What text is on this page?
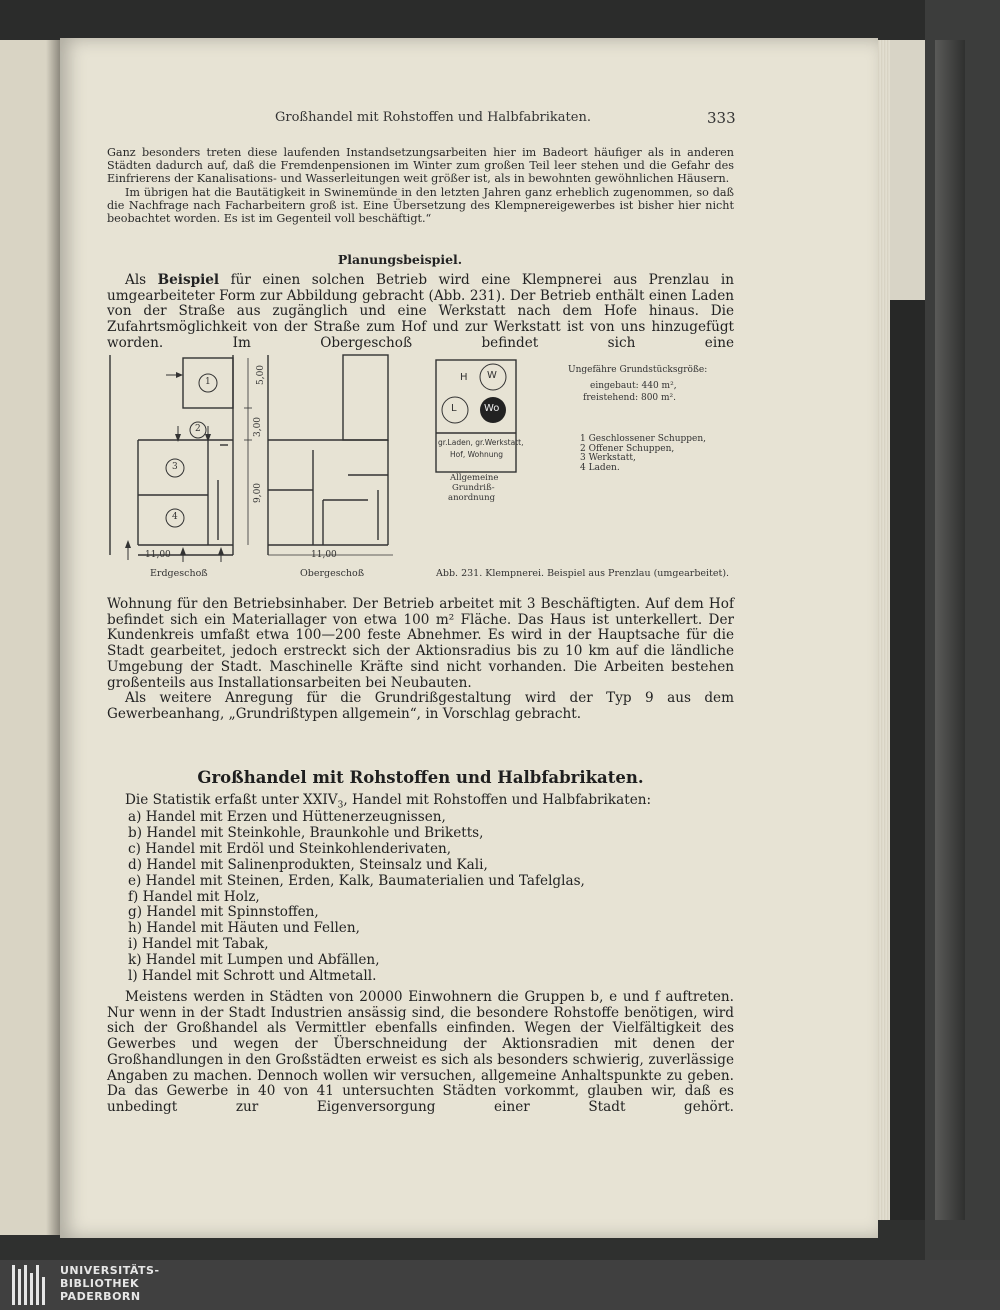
Großhandel mit Rohstoffen und Halbfabrikaten.	333

Ganz besonders treten diese laufenden Instandsetzungsarbeiten hier im Badeort häufiger als in anderen Städten dadurch auf, daß die Fremdenpensionen im Winter zum großen Teil leer stehen und die Gefahr des Einfrierens der Kanalisations- und Wasserleitungen weit größer ist, als in bewohnten gewöhnlichen Häusern.

Im übrigen hat die Bautätigkeit in Swinemünde in den letzten Jahren ganz erheblich zugenommen, so daß die Nachfrage nach Facharbeitern groß ist. Eine Übersetzung des Klempnereigewerbes ist bisher hier nicht beobachtet worden. Es ist im Gegenteil voll beschäftigt.“

Planungsbeispiel.

Als Beispiel für einen solchen Betrieb wird eine Klempnerei aus Prenzlau in umgearbeiteter Form zur Abbildung gebracht (Abb. 231). Der Betrieb enthält einen Laden von der Straße aus zugänglich und eine Werkstatt nach dem Hofe hinaus. Die Zufahrtsmöglichkeit von der Straße zum Hof und zur Werkstatt ist von uns hinzugefügt worden. Im Obergeschoß befindet sich eine

5,00
3,00
9,00
11,00	11,00
1
2
3
4
H W
L	Wo
gr.Laden, gr.Werkstatt,
Hof, Wohnung
Allgemeine
Grundriß-
anordnung
Ungefähre Grundstücksgröße:
eingebaut: 440 m²,
freistehend: 800 m².
1 Geschlossener Schuppen,
2 Offener Schuppen,
3 Werkstatt,
4 Laden.
Erdgeschoß	Obergeschoß	Abb. 231. Klempnerei. Beispiel aus Prenzlau (umgearbeitet).

Wohnung für den Betriebsinhaber. Der Betrieb arbeitet mit 3 Beschäftigten. Auf dem Hof befindet sich ein Materiallager von etwa 100 m² Fläche. Das Haus ist unterkellert. Der Kundenkreis umfaßt etwa 100—200 feste Abnehmer. Es wird in der Hauptsache für die Stadt gearbeitet, jedoch erstreckt sich der Aktionsradius bis zu 10 km auf die ländliche Umgebung der Stadt. Maschinelle Kräfte sind nicht vorhanden. Die Arbeiten bestehen großenteils aus Installationsarbeiten bei Neubauten.

Als weitere Anregung für die Grundrißgestaltung wird der Typ 9 aus dem Gewerbeanhang, „Grundrißtypen allgemein“, in Vorschlag gebracht.

Großhandel mit Rohstoffen und Halbfabrikaten.

Die Statistik erfaßt unter $XXIV_3$, Handel mit Rohstoffen und Halbfabrikaten:

a) Handel mit Erzen und Hüttenerzeugnissen,
b) Handel mit Steinkohle, Braunkohle und Briketts,
c) Handel mit Erdöl und Steinkohlenderivaten,
d) Handel mit Salinenprodukten, Steinsalz und Kali,
e) Handel mit Steinen, Erden, Kalk, Baumaterialien und Tafelglas,
f) Handel mit Holz,
g) Handel mit Spinnstoffen,
h) Handel mit Häuten und Fellen,
i) Handel mit Tabak,
k) Handel mit Lumpen und Abfällen,
l) Handel mit Schrott und Altmetall.

Meistens werden in Städten von 20000 Einwohnern die Gruppen b, e und f auftreten. Nur wenn in der Stadt Industrien ansässig sind, die besondere Rohstoffe benötigen, wird sich der Großhandel als Vermittler ebenfalls einfinden. Wegen der Vielfältigkeit des Gewerbes und wegen der Überschneidung der Aktionsradien mit denen der Großhandlungen in den Großstädten erweist es sich als besonders schwierig, zuverlässige Angaben zu machen. Dennoch wollen wir versuchen, allgemeine Anhaltspunkte zu geben. Da das Gewerbe in 40 von 41 untersuchten Städten vorkommt, glauben wir, daß es unbedingt zur Eigenversorgung einer Stadt gehört.

UNIVERSITÄTS-
BIBLIOTHEK
PADERBORN
